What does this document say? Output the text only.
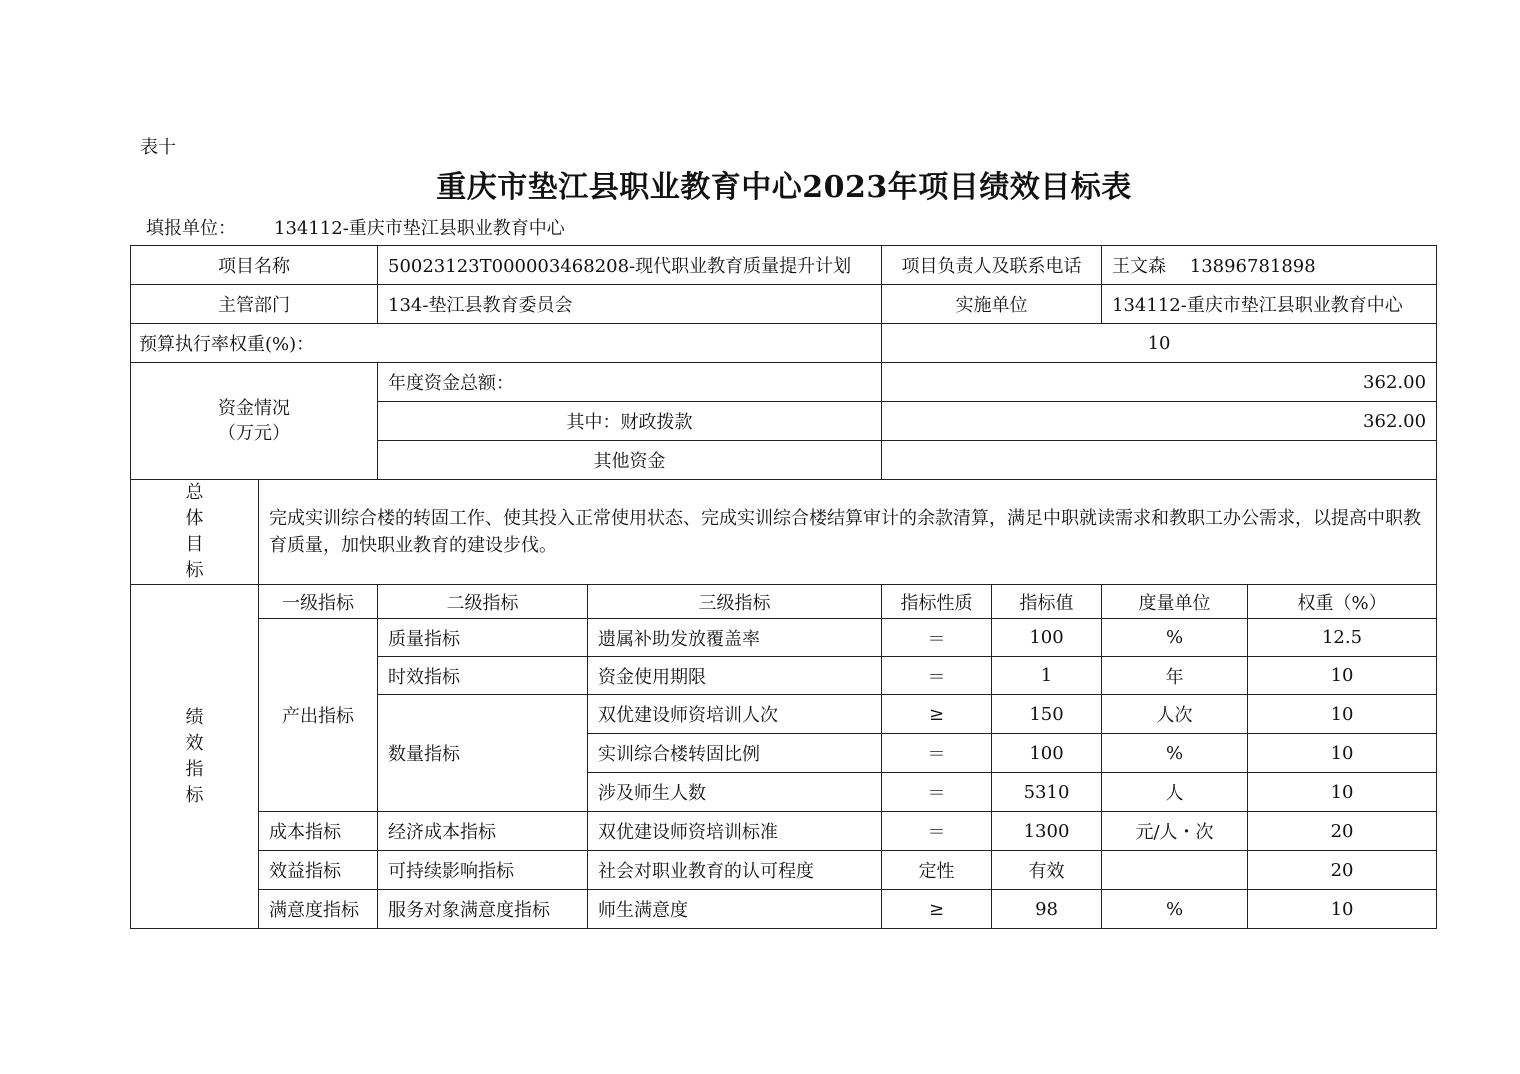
表十
重庆市垫江县职业教育中心2023年项目绩效目标表
填报单位： 134112-重庆市垫江县职业教育中心
项目名称		50023123T000003468208-现代职业教育质量提升计划		项目负责人及联系电话		王文森　 13896781898	
主管部门		134-垫江县教育委员会		实施单位		134112-重庆市垫江县职业教育中心	
预算执行率权重(%)：				10			

资金情况
（万元）		年度资金总额：		362.00			
		其中：财政拨款		362.00			
		其他资金					

总
体
目
标	完成实训综合楼的转固工作、使其投入正常使用状态、完成实训综合楼结算审计的余款清算，满足中职就读需求和教职工办公需求，以提高中职教育质量，加快职业教育的建设步伐。						

绩
效
指
标	一级指标	二级指标	三级指标	指标性质	指标值	度量单位	权重（%）
	产出指标	质量指标	遗属补助发放覆盖率	＝	100	%	12.5
		时效指标	资金使用期限	＝	1	年	10
		数量指标	双优建设师资培训人次	≥	150	人次	10
			实训综合楼转固比例	＝	100	%	10
			涉及师生人数	＝	5310	人	10
	成本指标	经济成本指标	双优建设师资培训标准	＝	1300	元/人・次	20
	效益指标	可持续影响指标	社会对职业教育的认可程度	定性	有效		20
	满意度指标	服务对象满意度指标	师生满意度	≥	98	%	10
